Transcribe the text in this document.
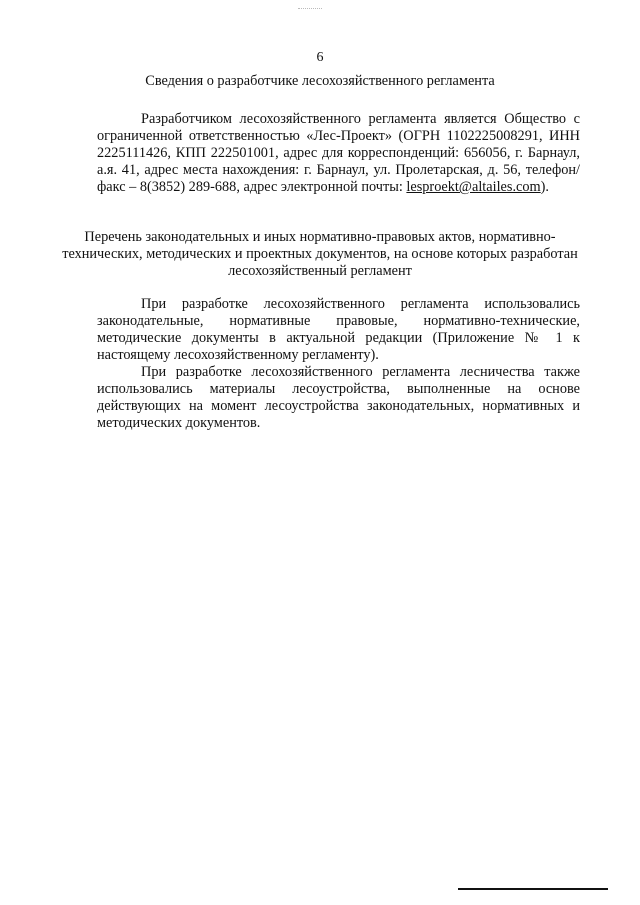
6
Сведения о разработчике лесохозяйственного регламента

Разработчиком лесохозяйственного регламента является Общество с ограниченной ответственностью «Лес-Проект» (ОГРН 1102225008291, ИНН 2225111426, КПП 222501001, адрес для корреспонденций: 656056, г. Барнаул, а.я. 41, адрес места нахождения: г. Барнаул, ул. Пролетарская, д. 56, телефон/факс – 8(3852) 289-688, адрес электронной почты: lesproekt@altailes.com).

Перечень законодательных и иных нормативно-правовых актов, нормативно-технических, методических и проектных документов, на основе которых разработан лесохозяйственный регламент

При разработке лесохозяйственного регламента использовались законодательные, нормативные правовые, нормативно-технические, методические документы в актуальной редакции (Приложение № 1 к настоящему лесохозяйственному регламенту).

При разработке лесохозяйственного регламента лесничества также использовались материалы лесоустройства, выполненные на основе действующих на момент лесоустройства законодательных, нормативных и методических документов.
